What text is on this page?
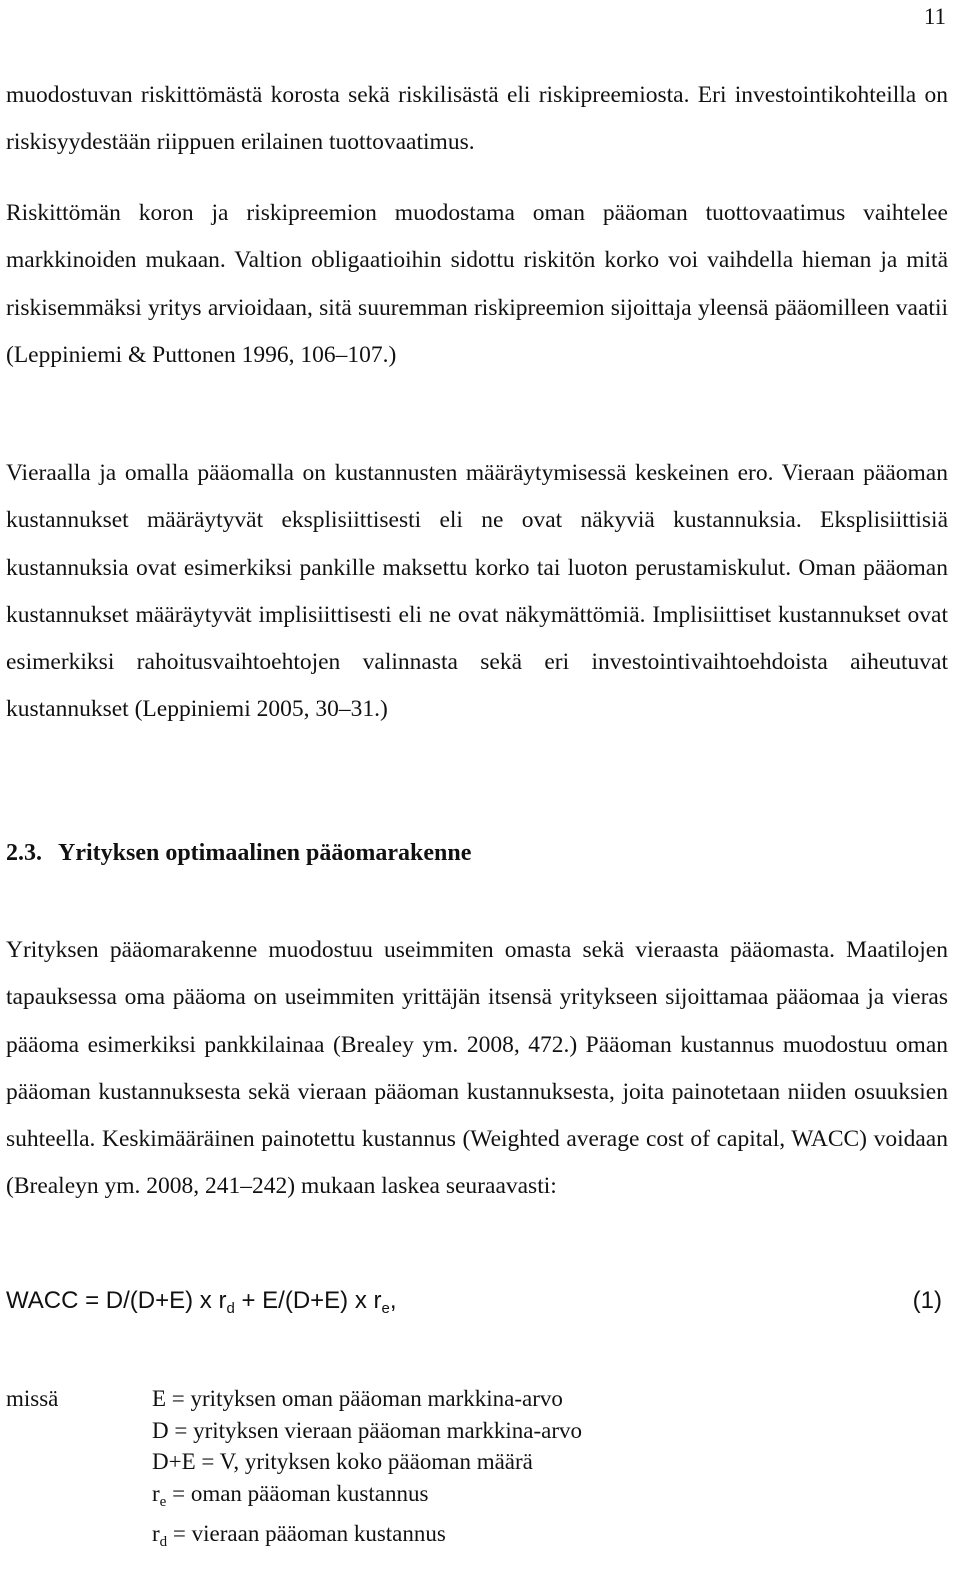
11

muodostuvan riskittömästä korosta sekä riskilisästä eli riskipreemiosta. Eri investointikohteilla on riskisyydestään riippuen erilainen tuottovaatimus.

Riskittömän koron ja riskipreemion muodostama oman pääoman tuottovaatimus vaihtelee markkinoiden mukaan. Valtion obligaatioihin sidottu riskitön korko voi vaihdella hieman ja mitä riskisemmäksi yritys arvioidaan, sitä suuremman riskipreemion sijoittaja yleensä pääomilleen vaatii (Leppiniemi & Puttonen 1996, 106–107.)

Vieraalla ja omalla pääomalla on kustannusten määräytymisessä keskeinen ero. Vieraan pääoman kustannukset määräytyvät eksplisiittisesti eli ne ovat näkyviä kustannuksia. Eksplisiittisiä kustannuksia ovat esimerkiksi pankille maksettu korko tai luoton perustamiskulut. Oman pääoman kustannukset määräytyvät implisiittisesti eli ne ovat näkymättömiä. Implisiittiset kustannukset ovat esimerkiksi rahoitusvaihtoehtojen valinnasta sekä eri investointivaihtoehdoista aiheutuvat kustannukset (Leppiniemi 2005, 30–31.)

2.3. Yrityksen optimaalinen pääomarakenne

Yrityksen pääomarakenne muodostuu useimmiten omasta sekä vieraasta pääomasta. Maatilojen tapauksessa oma pääoma on useimmiten yrittäjän itsensä yritykseen sijoittamaa pääomaa ja vieras pääoma esimerkiksi pankkilainaa (Brealey ym. 2008, 472.) Pääoman kustannus muodostuu oman pääoman kustannuksesta sekä vieraan pääoman kustannuksesta, joita painotetaan niiden osuuksien suhteella. Keskimääräinen painotettu kustannus (Weighted average cost of capital, WACC) voidaan (Brealeyn ym. 2008, 241–242) mukaan laskea seuraavasti:

WACC = D/(D+E) x $r_d + E/(D+E)$ x $r_e$,	(1)
missä	E = yrityksen oman pääoman markkina-arvo
D = yrityksen vieraan pääoman markkina-arvo
D+E = V, yrityksen koko pääoman määrä
$r_e$ = oman pääoman kustannus
$r_d$ = vieraan pääoman kustannus
